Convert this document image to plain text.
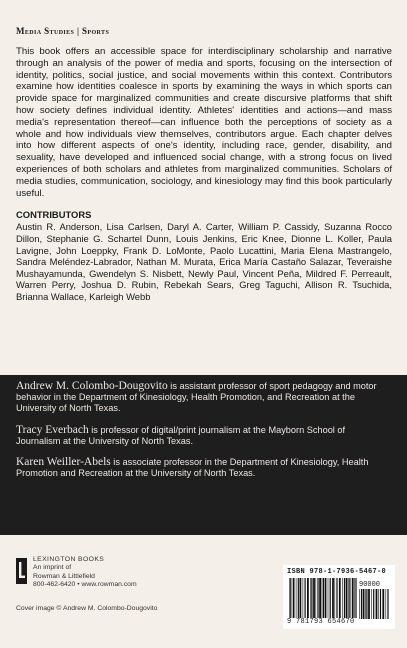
Media Studies | Sports

This book offers an accessible space for interdisciplinary scholarship and narrative through an analysis of the power of media and sports, focusing on the intersection of identity, politics, social justice, and social movements within this context. Contributors examine how identities coalesce in sports by examining the ways in which sports can provide space for marginalized communities and create discursive platforms that shift how society defines individual identity. Athletes' identities and actions—and mass media's representation thereof—can influence both the perceptions of society as a whole and how individuals view themselves, contributors argue. Each chapter delves into how different aspects of one's identity, including race, gender, disability, and sexuality, have developed and influenced social change, with a strong focus on lived experiences of both scholars and athletes from marginalized communities. Scholars of media studies, communication, sociology, and kinesiology may find this book particularly useful.

CONTRIBUTORS

Austin R. Anderson, Lisa Carlsen, Daryl A. Carter, William P. Cassidy, Suzanna Rocco Dillon, Stephanie G. Schartel Dunn, Louis Jenkins, Eric Knee, Dionne L. Koller, Paula Lavigne, John Loeppky, Frank D. LoMonte, Paolo Lucattini, Maria Elena Mastrangelo, Sandra Meléndez-Labrador, Nathan M. Murata, Erica María Castaño Salazar, Teveraishe Mushayamunda, Gwendelyn S. Nisbett, Newly Paul, Vincent Peña, Mildred F. Perreault, Warren Perry, Joshua D. Rubin, Rebekah Sears, Greg Taguchi, Allison R. Tsuchida, Brianna Wallace, Karleigh Webb

Andrew M. Colombo-Dougovito is assistant professor of sport pedagogy and motor behavior in the Department of Kinesiology, Health Promotion, and Recreation at the University of North Texas.

Tracy Everbach is professor of digital/print journalism at the Mayborn School of Journalism at the University of North Texas.

Karen Weiller-Abels is associate professor in the Department of Kinesiology, Health Promotion and Recreation at the University of North Texas.

LEXINGTON BOOKS
An imprint of
Rowman & Littlefield
800-462-6420 • www.rowman.com
Cover image © Andrew M. Colombo-Dougovito
ISBN 978-1-7936-5467-0
90000
9 781793 654670
